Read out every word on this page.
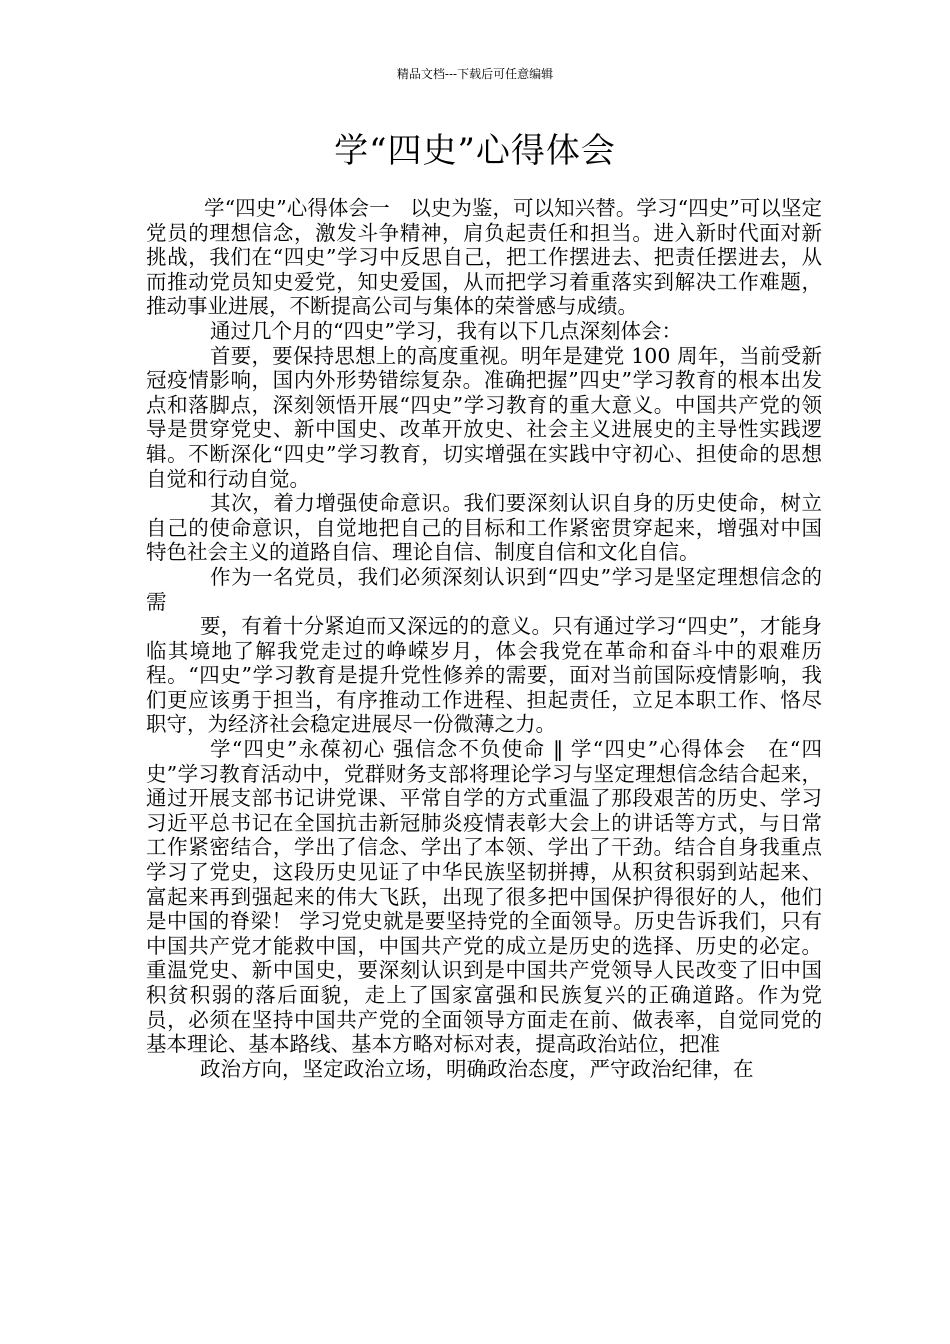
精品文档---下载后可任意编辑
学“四史”心得体会

学“四史”心得体会一　以史为鉴，可以知兴替。学习“四史”可以坚定党员的理想信念，激发斗争精神，肩负起责任和担当。进入新时代面对新挑战，我们在“四史”学习中反思自己，把工作摆进去、把责任摆进去，从而推动党员知史爱党，知史爱国，从而把学习着重落实到解决工作难题，推动事业进展，不断提高公司与集体的荣誉感与成绩。

通过几个月的“四史”学习，我有以下几点深刻体会：

首要，要保持思想上的高度重视。明年是建党 100 周年，当前受新冠疫情影响，国内外形势错综复杂。准确把握”四史”学习教育的根本出发点和落脚点，深刻领悟开展“四史”学习教育的重大意义。中国共产党的领导是贯穿党史、新中国史、改革开放史、社会主义进展史的主导性实践逻辑。不断深化“四史”学习教育，切实增强在实践中守初心、担使命的思想自觉和行动自觉。

其次，着力增强使命意识。我们要深刻认识自身的历史使命，树立自己的使命意识，自觉地把自己的目标和工作紧密贯穿起来，增强对中国特色社会主义的道路自信、理论自信、制度自信和文化自信。

作为一名党员，我们必须深刻认识到“四史”学习是坚定理想信念的需

要，有着十分紧迫而又深远的的意义。只有通过学习“四史”，才能身临其境地了解我党走过的峥嵘岁月，体会我党在革命和奋斗中的艰难历程。“四史”学习教育是提升党性修养的需要，面对当前国际疫情影响，我们更应该勇于担当，有序推动工作进程、担起责任，立足本职工作、恪尽职守，为经济社会稳定进展尽一份微薄之力。

学“四史”永葆初心 强信念不负使命 ‖ 学“四史”心得体会　在“四史”学习教育活动中，党群财务支部将理论学习与坚定理想信念结合起来，通过开展支部书记讲党课、平常自学的方式重温了那段艰苦的历史、学习习近平总书记在全国抗击新冠肺炎疫情表彰大会上的讲话等方式，与日常工作紧密结合，学出了信念、学出了本领、学出了干劲。结合自身我重点学习了党史，这段历史见证了中华民族坚韧拼搏，从积贫积弱到站起来、富起来再到强起来的伟大飞跃，出现了很多把中国保护得很好的人，他们是中国的脊梁！ 学习党史就是要坚持党的全面领导。历史告诉我们，只有中国共产党才能救中国，中国共产党的成立是历史的选择、历史的必定。重温党史、新中国史，要深刻认识到是中国共产党领导人民改变了旧中国积贫积弱的落后面貌，走上了国家富强和民族复兴的正确道路。作为党员，必须在坚持中国共产党的全面领导方面走在前、做表率，自觉同党的基本理论、基本路线、基本方略对标对表，提高政治站位，把准

政治方向，坚定政治立场，明确政治态度，严守政治纪律，在
